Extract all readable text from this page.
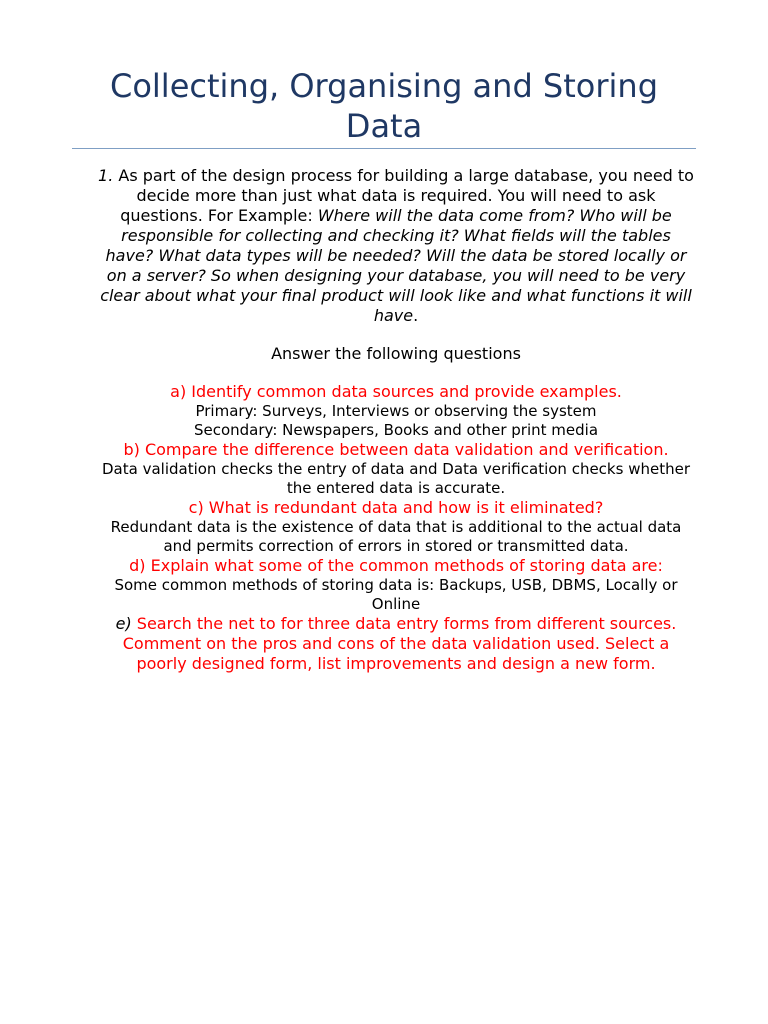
Collecting, Organising and Storing Data

1. As part of the design process for building a large database, you need to decide more than just what data is required. You will need to ask questions. For Example: Where will the data come from? Who will be responsible for collecting and checking it? What fields will the tables have? What data types will be needed? Will the data be stored locally or on a server? So when designing your database, you will need to be very clear about what your final product will look like and what functions it will have.

Answer the following questions

a) Identify common data sources and provide examples.

Primary: Surveys, Interviews or observing the system

Secondary: Newspapers, Books and other print media

b) Compare the difference between data validation and verification.

Data validation checks the entry of data and Data verification checks whether the entered data is accurate.

c) What is redundant data and how is it eliminated?

Redundant data is the existence of data that is additional to the actual data and permits correction of errors in stored or transmitted data.

d) Explain what some of the common methods of storing data are:

Some common methods of storing data is: Backups, USB, DBMS, Locally or Online

e) Search the net to for three data entry forms from different sources. Comment on the pros and cons of the data validation used. Select a poorly designed form, list improvements and design a new form.
